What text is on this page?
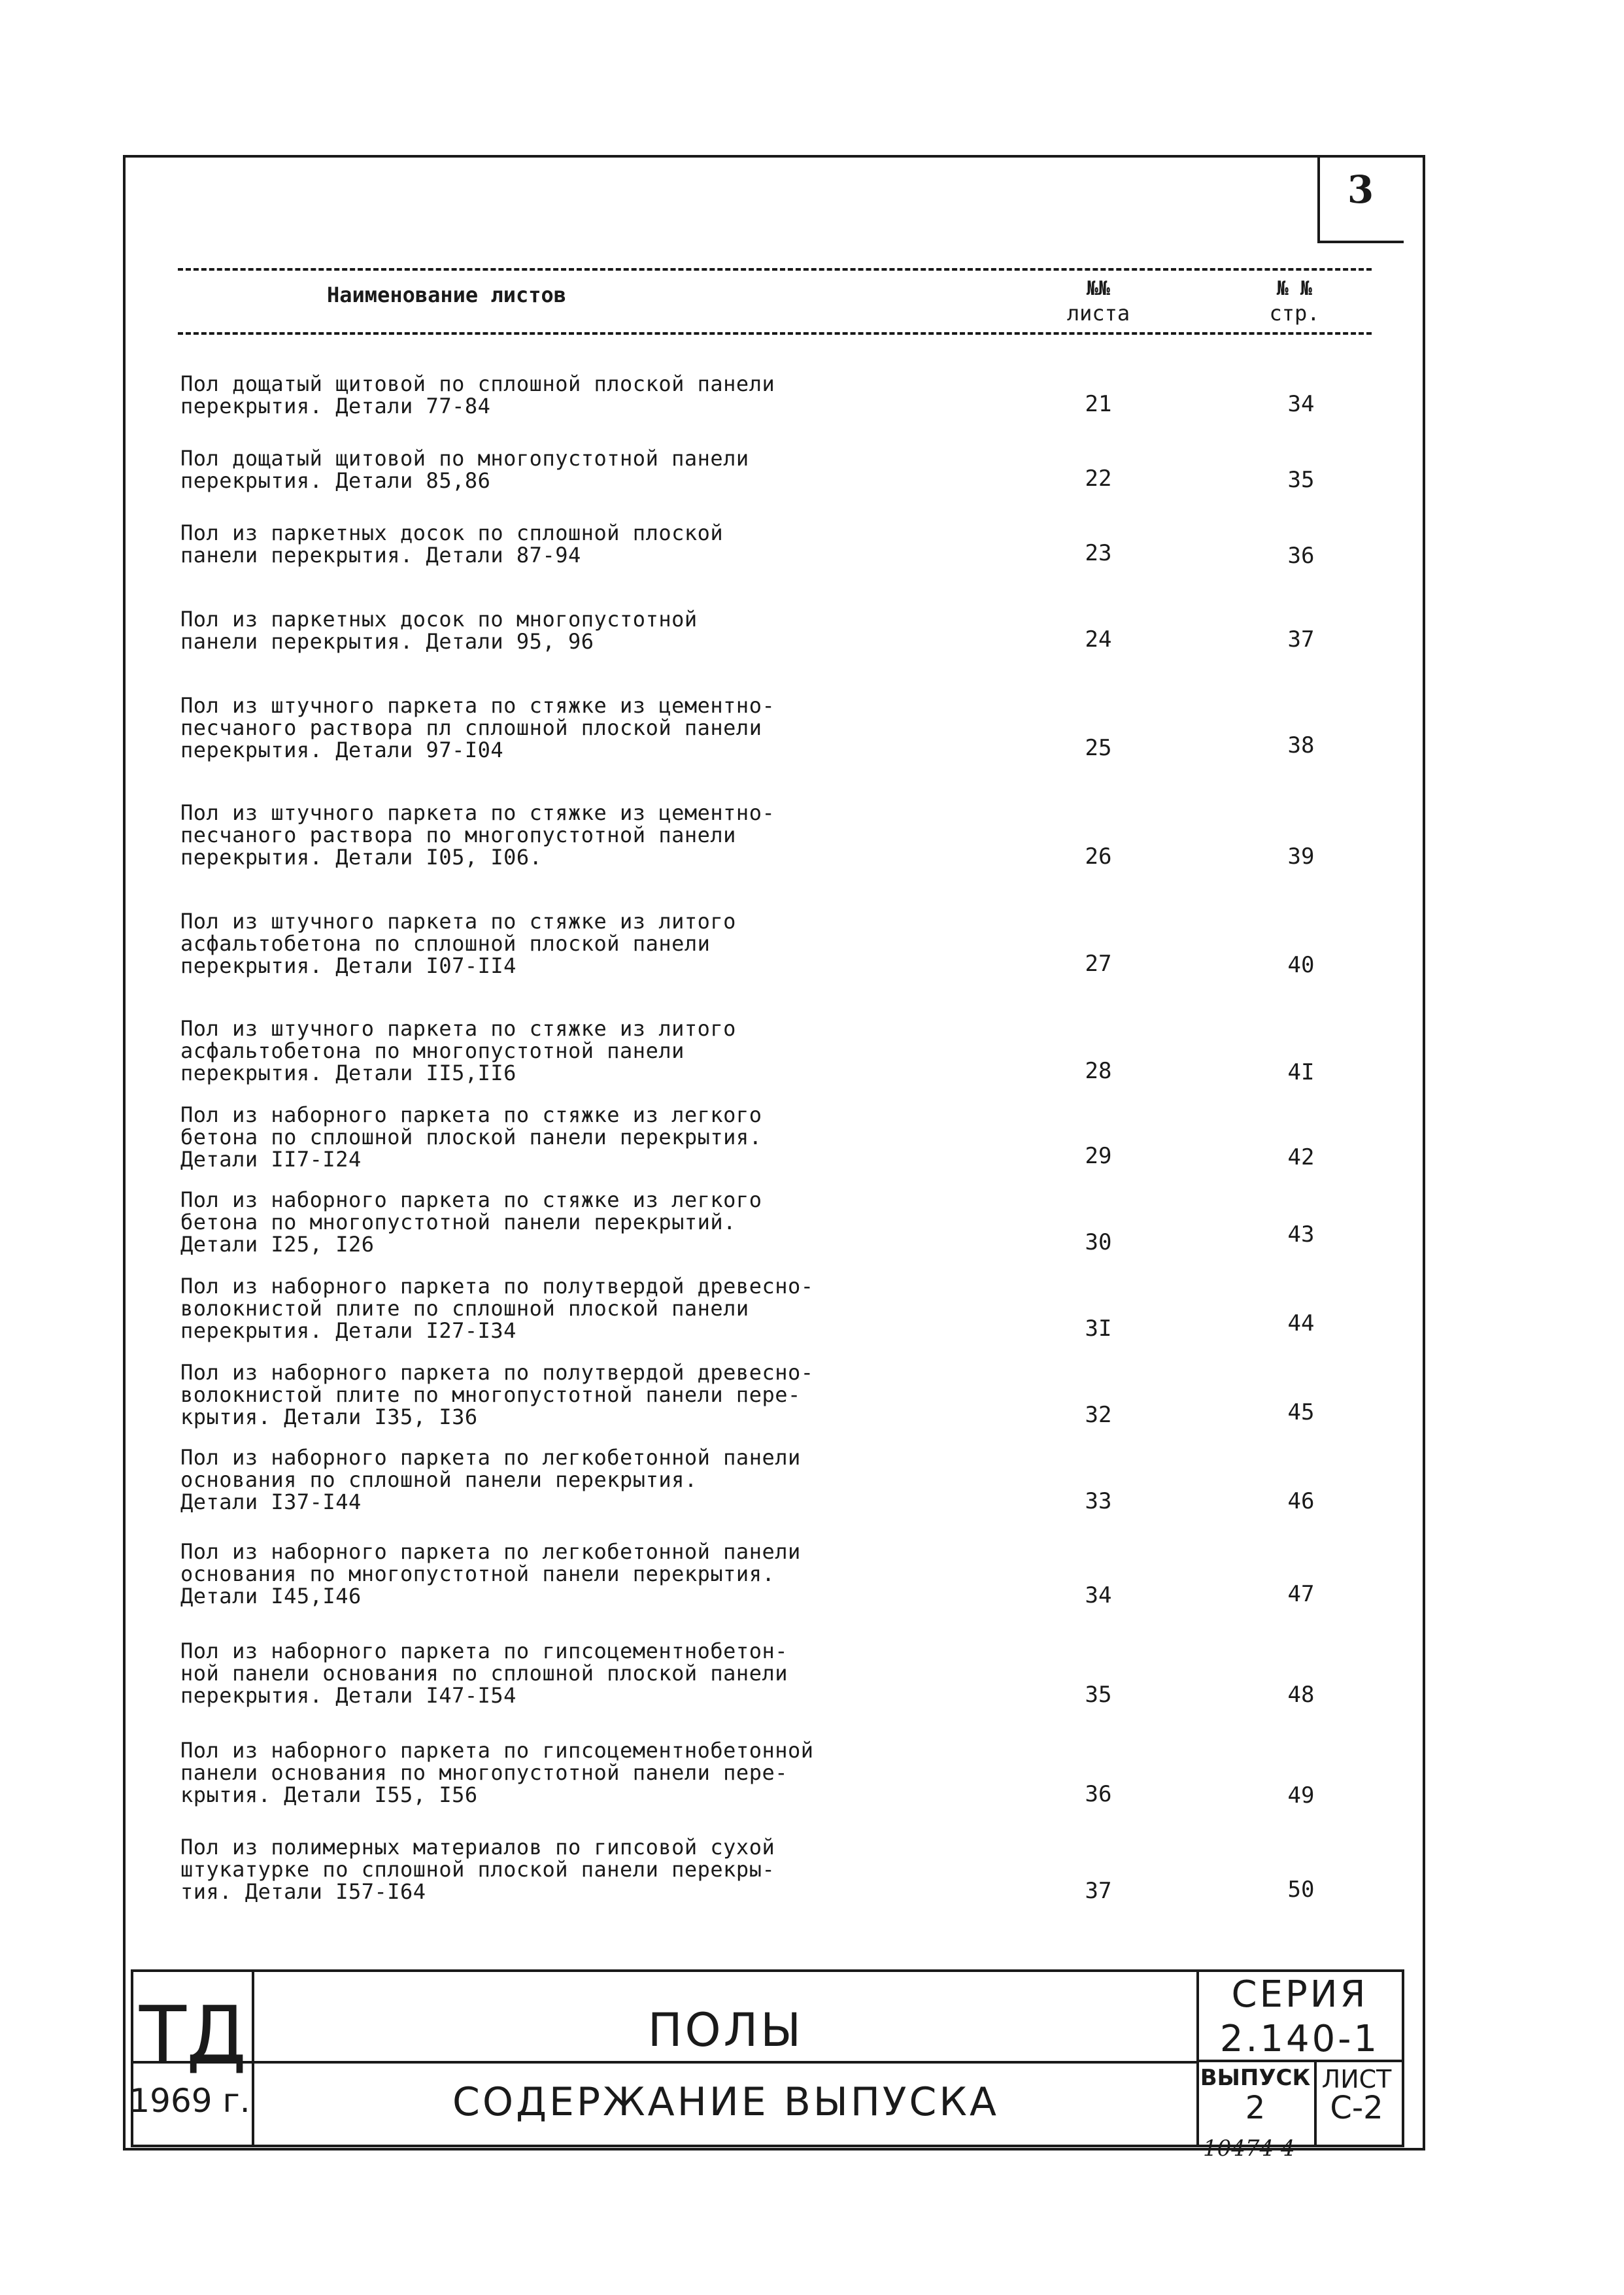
3
Наименование листов	№№
листа
№ №
стр.
Пол дощатый щитовой по сплошной плоской панели
перекрытия. Детали 77-84	21	34
Пол дощатый щитовой по многопустотной панели
перекрытия. Детали 85,86	22	35
Пол из паркетных досок по сплошной плоской
панели перекрытия. Детали 87-94	23	36
Пол из паркетных досок по многопустотной
панели перекрытия. Детали 95, 96	24	37
Пол из штучного паркета по стяжке из цементно-
песчаного раствора пл сплошной плоской панели
перекрытия. Детали 97-I04	25	38
Пол из штучного паркета по стяжке из цементно-
песчаного раствора по многопустотной панели
перекрытия. Детали I05, I06.	26	39
Пол из штучного паркета по стяжке из литого
асфальтобетона по сплошной плоской панели
перекрытия. Детали I07-II4	27	40
Пол из штучного паркета по стяжке из литого
асфальтобетона по многопустотной панели
перекрытия. Детали II5,II6	28	4I
Пол из наборного паркета по стяжке из легкого
бетона по сплошной плоской панели перекрытия.
Детали II7-I24	29	42
Пол из наборного паркета по стяжке из легкого
бетона по многопустотной панели перекрытий.
Детали I25, I26	30	43
Пол из наборного паркета по полутвердой древесно-
волокнистой плите по сплошной плоской панели
перекрытия. Детали I27-I34	3I	44
Пол из наборного паркета по полутвердой древесно-
волокнистой плите по многопустотной панели пере-
крытия. Детали I35, I36	32	45
Пол из наборного паркета по легкобетонной панели
основания по сплошной панели перекрытия.
Детали I37-I44	33	46
Пол из наборного паркета по легкобетонной панели
основания по многопустотной панели перекрытия.
Детали I45,I46	34	47
Пол из наборного паркета по гипсоцементнобетон-
ной панели основания по сплошной плоской панели
перекрытия. Детали I47-I54	35	48
Пол из наборного паркета по гипсоцементнобетонной
панели основания по многопустотной панели пере-
крытия. Детали I55, I56	36	49
Пол из полимерных материалов по гипсовой сухой
штукатурке по сплошной плоской панели перекры-
тия. Детали I57-I64	37	50
ТД	ПОЛЫ
1969 г.	СОДЕРЖАНИЕ ВЫПУСКА
СЕРИЯ
2.140-1
ВЫПУСК ЛИСТ
2	С-2
10474 4
